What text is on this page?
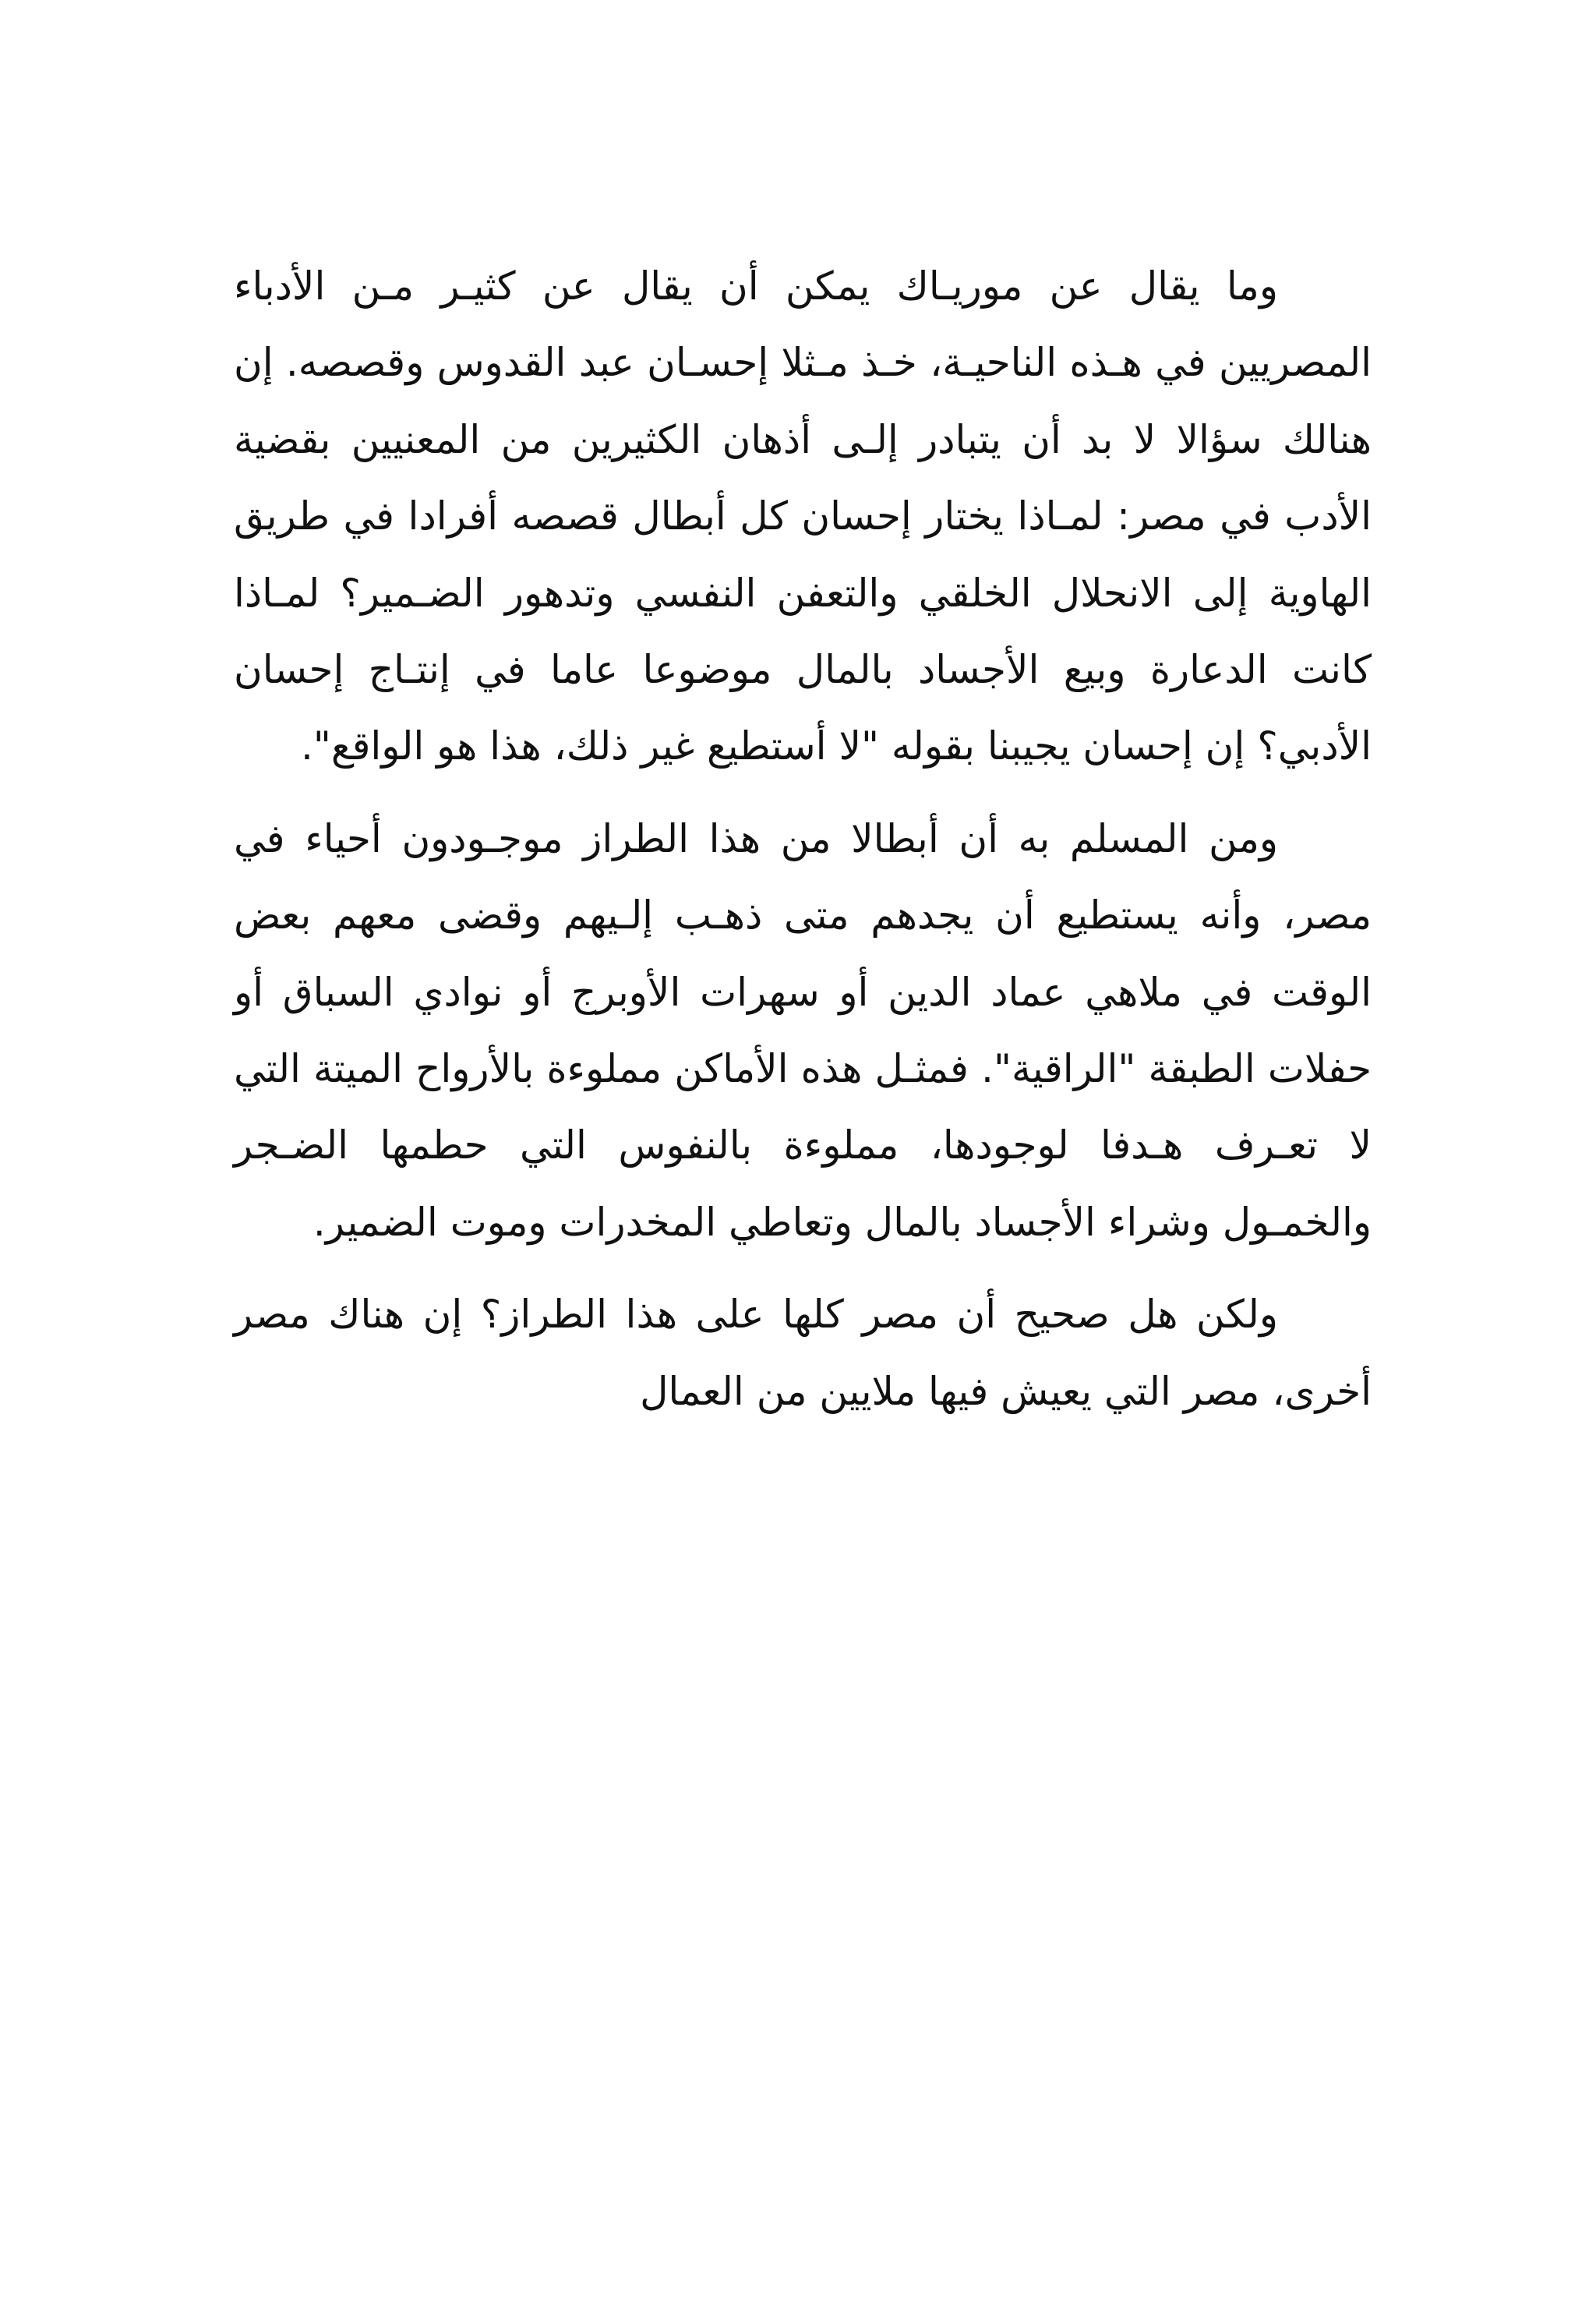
وما يقال عن موريـاك يمكن أن يقال عن كثيـر مـن الأدباء المصريين في هـذه الناحيـة، خـذ مـثلا إحسـان عبد القدوس وقصصه. إن هنالك سؤالا لا بد أن يتبادر إلـى أذهان الكثيرين من المعنيين بقضية الأدب في مصر: لمـاذا يختار إحسان كل أبطال قصصه أفرادا في طريق الهاوية إلى الانحلال الخلقي والتعفن النفسي وتدهور الضـمير؟ لمـاذا كانت الدعارة وبيع الأجساد بالمال موضوعا عاما في إنتـاج إحسان الأدبي؟ إن إحسان يجيبنا بقوله "لا أستطيع غير ذلك، هذا هو الواقع".

ومن المسلم به أن أبطالا من هذا الطراز موجـودون أحياء في مصر، وأنه يستطيع أن يجدهم متى ذهـب إلـيهم وقضى معهم بعض الوقت في ملاهي عماد الدين أو سهرات الأوبرج أو نوادي السباق أو حفلات الطبقة "الراقية". فمثـل هذه الأماكن مملوءة بالأرواح الميتة التي لا تعـرف هـدفا لوجودها، مملوءة بالنفوس التي حطمها الضـجر والخمـول وشراء الأجساد بالمال وتعاطي المخدرات وموت الضمير.

ولكن هل صحيح أن مصر كلها على هذا الطراز؟ إن هناك مصر أخرى، مصر التي يعيش فيها ملايين من العمال
